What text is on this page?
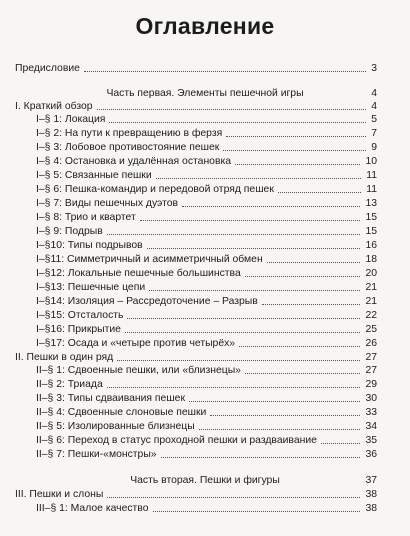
Оглавление
Предисловие	3
Часть первая. Элементы пешечной игры	4
I. Краткий обзор	4
I–§ 1: Локация	5
I–§ 2: На пути к превращению в ферзя	7
I–§ 3: Лобовое противостояние пешек	9
I–§ 4: Остановка и удалённая остановка	10
I–§ 5: Связанные пешки	11
I–§ 6: Пешка-командир и передовой отряд пешек	11
I–§ 7: Виды пешечных дуэтов	13
I–§ 8: Трио и квартет	15
I–§ 9: Подрыв	15
I–§10: Типы подрывов	16
I–§11: Симметричный и асимметричный обмен	18
I–§12: Локальные пешечные большинства	20
I–§13: Пешечные цепи	21
I–§14: Изоляция – Рассредоточение – Разрыв	21
I–§15: Отсталость	22
I–§16: Прикрытие	25
I–§17: Осада и «четыре против четырёх»	26
II. Пешки в один ряд	27
II–§ 1: Сдвоенные пешки, или «близнецы»	27
II–§ 2: Триада	29
II–§ 3: Типы сдваивания пешек	30
II–§ 4: Сдвоенные слоновые пешки	33
II–§ 5: Изолированные близнецы	34
II–§ 6: Переход в статус проходной пешки и раздваивание	35
II–§ 7: Пешки-«монстры»	36
Часть вторая. Пешки и фигуры	37
III. Пешки и слоны	38
III–§ 1: Малое качество	38
